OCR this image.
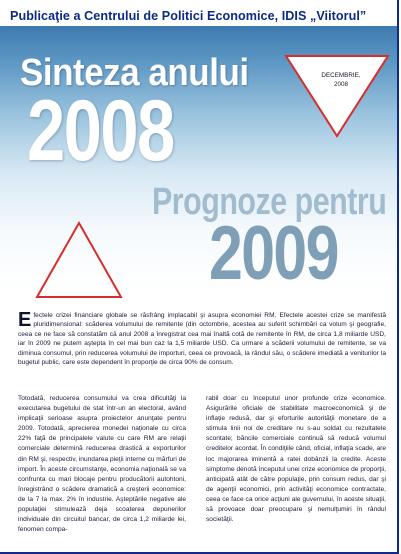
Publicaţie a Centrului de Politici Economice, IDIS „Viitorul”
Sinteza anului
2008
Prognoze pentru
2009
DECEMBRIE,
2008
Efectele crizei financiare globale se răsfrâng implacabil şi asupra economiei RM. Efectele acestei crize se manifestă pluridimensional: scăderea volumului de remitente (din octombrie, acestea au suferit schimbări ca volum şi geografie, ceea ce ne face să constatăm că anul 2008 a înregistrat cea mai înaltă cotă de remitente în RM, de circa 1,8 miliarde USD, iar în 2009 ne putem aştepta în cel mai bun caz la 1,5 miliarde USD. Ca urmare a scăderii volumului de remitente, se va diminua consumul, prin reducerea volumului de importuri, ceea ce provoacă, la rândul său, o scădere imediată a veniturilor la bugetul public, care este dependent în proporţie de circa 90% de consum.
Totodată, reducerea consumului va crea dificultăţi la executarea bugetului de stat într-un an electoral, având implicaţii serioase asupra proiectelor anunţate pentru 2009. Totodată, aprecierea monedei naţionale cu circa 22% faţă de principalele valute cu care RM are relaţii comerciale determină reducerea drastică a exporturilor din RM şi, respectiv, inundarea pieţii interne cu mărfuri de import. În aceste circumstanţe, economia naţională se va confrunta cu mari blocaje pentru producătorii autohtoni, înregistrând o scădere dramatică a creşterii economice: de la 7 la max. 2% în industrie. Aşteptările negative ale populaţiei stimulează deja scoaterea depunerilor individuale din circuitul bancar, de circa 1,2 miliarde lei, fenomen compa-
rabil doar cu începutul unor profunde crize economice. Asigurările oficiale de stabilitate macroeconomică şi de inflaţie redusă, dar şi eforturile autorităţii monetare de a stimula linii noi de creditare nu s-au soldat cu rezultatele scontate; băncile comerciale continuă să reducă volumul creditelor acordat. În condiţiile când, oficial, inflaţia scade, are loc majorarea iminentă a ratei dobânzii la credite. Aceste simptome denotă începutul unei crize economice de proporţii, anticipată atât de către populaţie, prin consum redus, dar şi de agenţii economici, prin activităţi economice contractate, ceea ce face ca orice acţiuni ale guvernului, în aceste situaţii, să provoace doar preocupare şi nemulţumiri în rândul societăţii.
